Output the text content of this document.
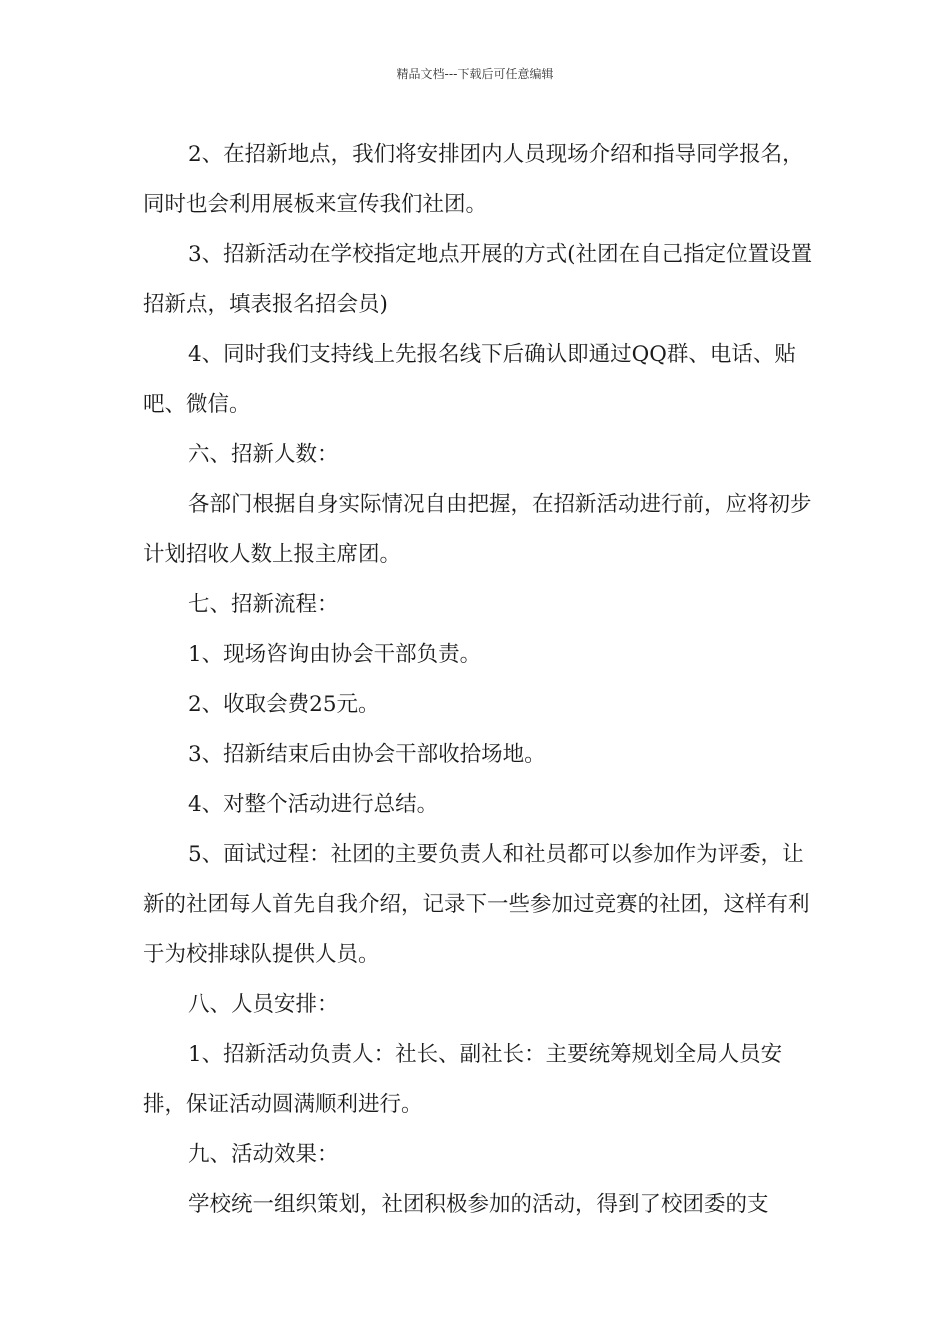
精品文档---下载后可任意编辑

2、在招新地点，我们将安排团内人员现场介绍和指导同学报名，同时也会利用展板来宣传我们社团。

3、招新活动在学校指定地点开展的方式(社团在自己指定位置设置招新点，填表报名招会员)

4、同时我们支持线上先报名线下后确认即通过QQ群、电话、贴吧、微信。

六、招新人数：

各部门根据自身实际情况自由把握，在招新活动进行前，应将初步计划招收人数上报主席团。

七、招新流程：

1、现场咨询由协会干部负责。

2、收取会费25元。

3、招新结束后由协会干部收拾场地。

4、对整个活动进行总结。

5、面试过程：社团的主要负责人和社员都可以参加作为评委，让新的社团每人首先自我介绍，记录下一些参加过竞赛的社团，这样有利于为校排球队提供人员。

八、人员安排：

1、招新活动负责人：社长、副社长：主要统筹规划全局人员安排，保证活动圆满顺利进行。

九、活动效果：

学校统一组织策划，社团积极参加的活动，得到了校团委的支
